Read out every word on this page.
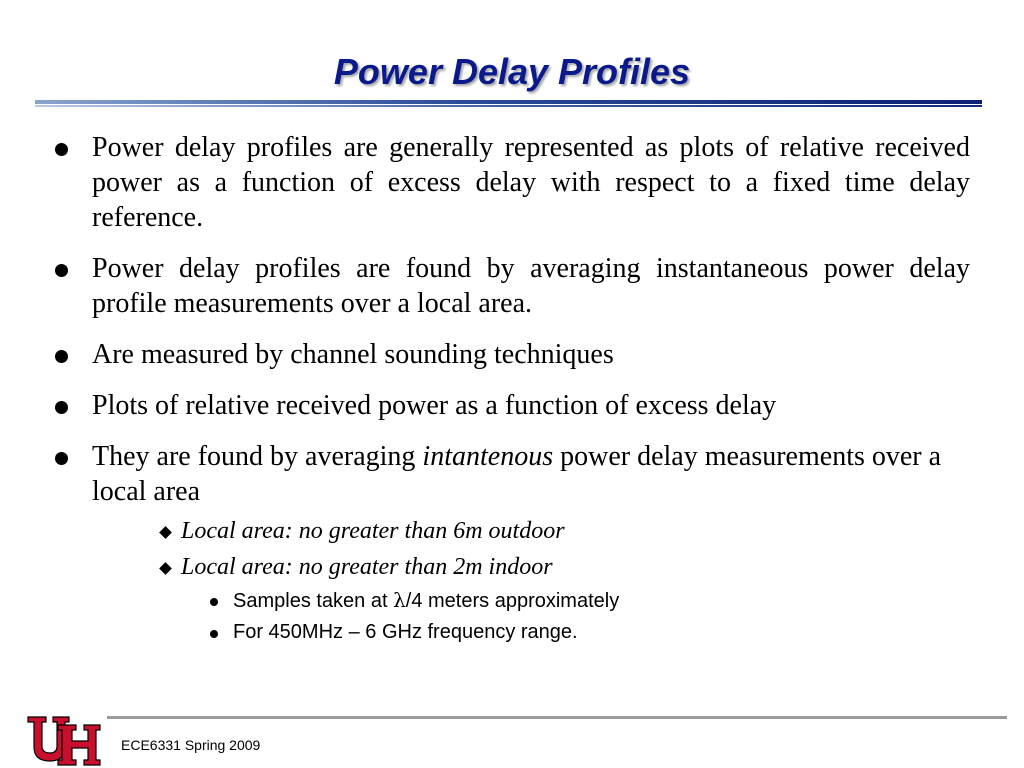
Power Delay Profiles
Power delay profiles are generally represented as plots of relative received power as a function of excess delay with respect to a fixed time delay reference.
Power delay profiles are found by averaging instantaneous power delay profile measurements over a local area.
Are measured by channel sounding techniques
Plots of relative received power as a function of excess delay
They are found by averaging intantenous power delay measurements over a local area
Local area: no greater than 6m outdoor
Local area: no greater than 2m indoor
Samples taken at λ/4 meters approximately
For 450MHz – 6 GHz frequency range.
ECE6331 Spring 2009
